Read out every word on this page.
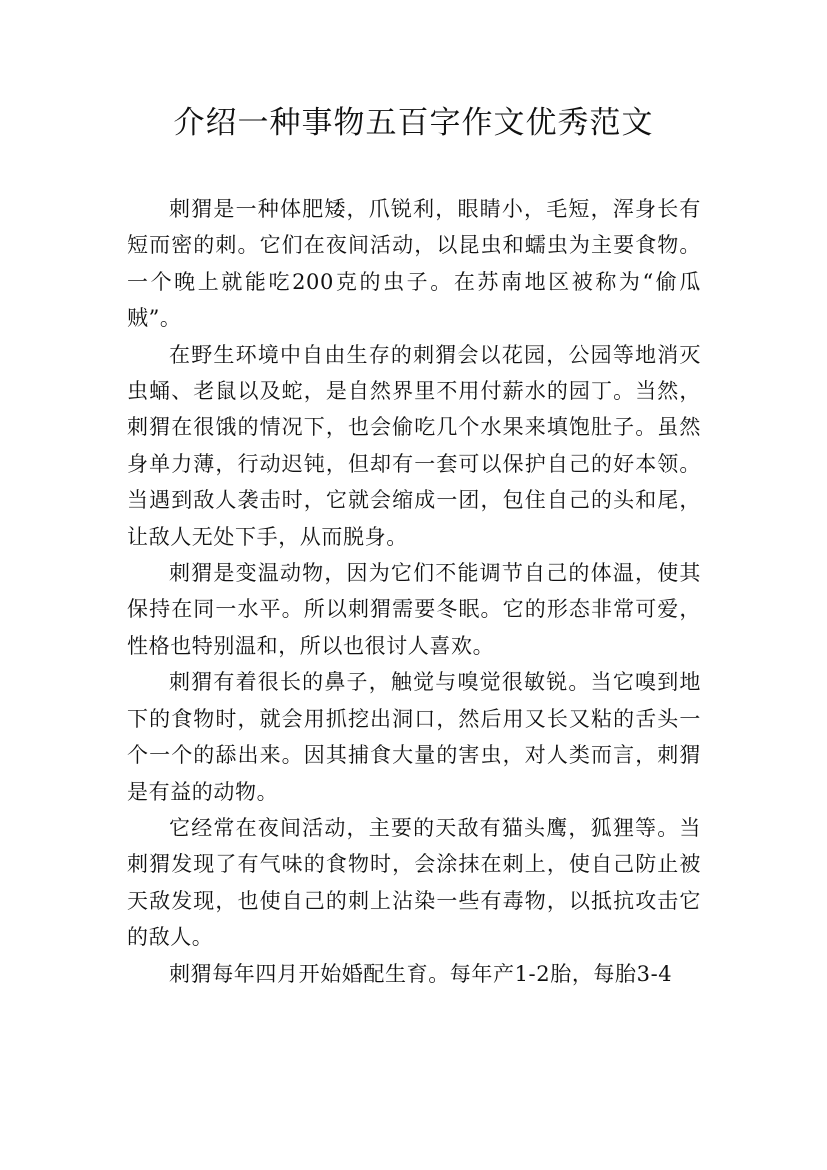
介绍一种事物五百字作文优秀范文

刺猬是一种体肥矮，爪锐利，眼睛小，毛短，浑身长有短而密的刺。它们在夜间活动，以昆虫和蠕虫为主要食物。一个晚上就能吃200克的虫子。在苏南地区被称为“偷瓜贼”。

在野生环境中自由生存的刺猬会以花园，公园等地消灭虫蛹、老鼠以及蛇，是自然界里不用付薪水的园丁。当然，刺猬在很饿的情况下，也会偷吃几个水果来填饱肚子。虽然身单力薄，行动迟钝，但却有一套可以保护自己的好本领。当遇到敌人袭击时，它就会缩成一团，包住自己的头和尾，让敌人无处下手，从而脱身。

刺猬是变温动物，因为它们不能调节自己的体温，使其保持在同一水平。所以刺猬需要冬眠。它的形态非常可爱，性格也特别温和，所以也很讨人喜欢。

刺猬有着很长的鼻子，触觉与嗅觉很敏锐。当它嗅到地下的食物时，就会用抓挖出洞口，然后用又长又粘的舌头一个一个的舔出来。因其捕食大量的害虫，对人类而言，刺猬是有益的动物。

它经常在夜间活动，主要的天敌有猫头鹰，狐狸等。当刺猬发现了有气味的食物时，会涂抹在刺上，使自己防止被天敌发现，也使自己的刺上沾染一些有毒物，以抵抗攻击它的敌人。

刺猬每年四月开始婚配生育。每年产1-2胎，每胎3-4
